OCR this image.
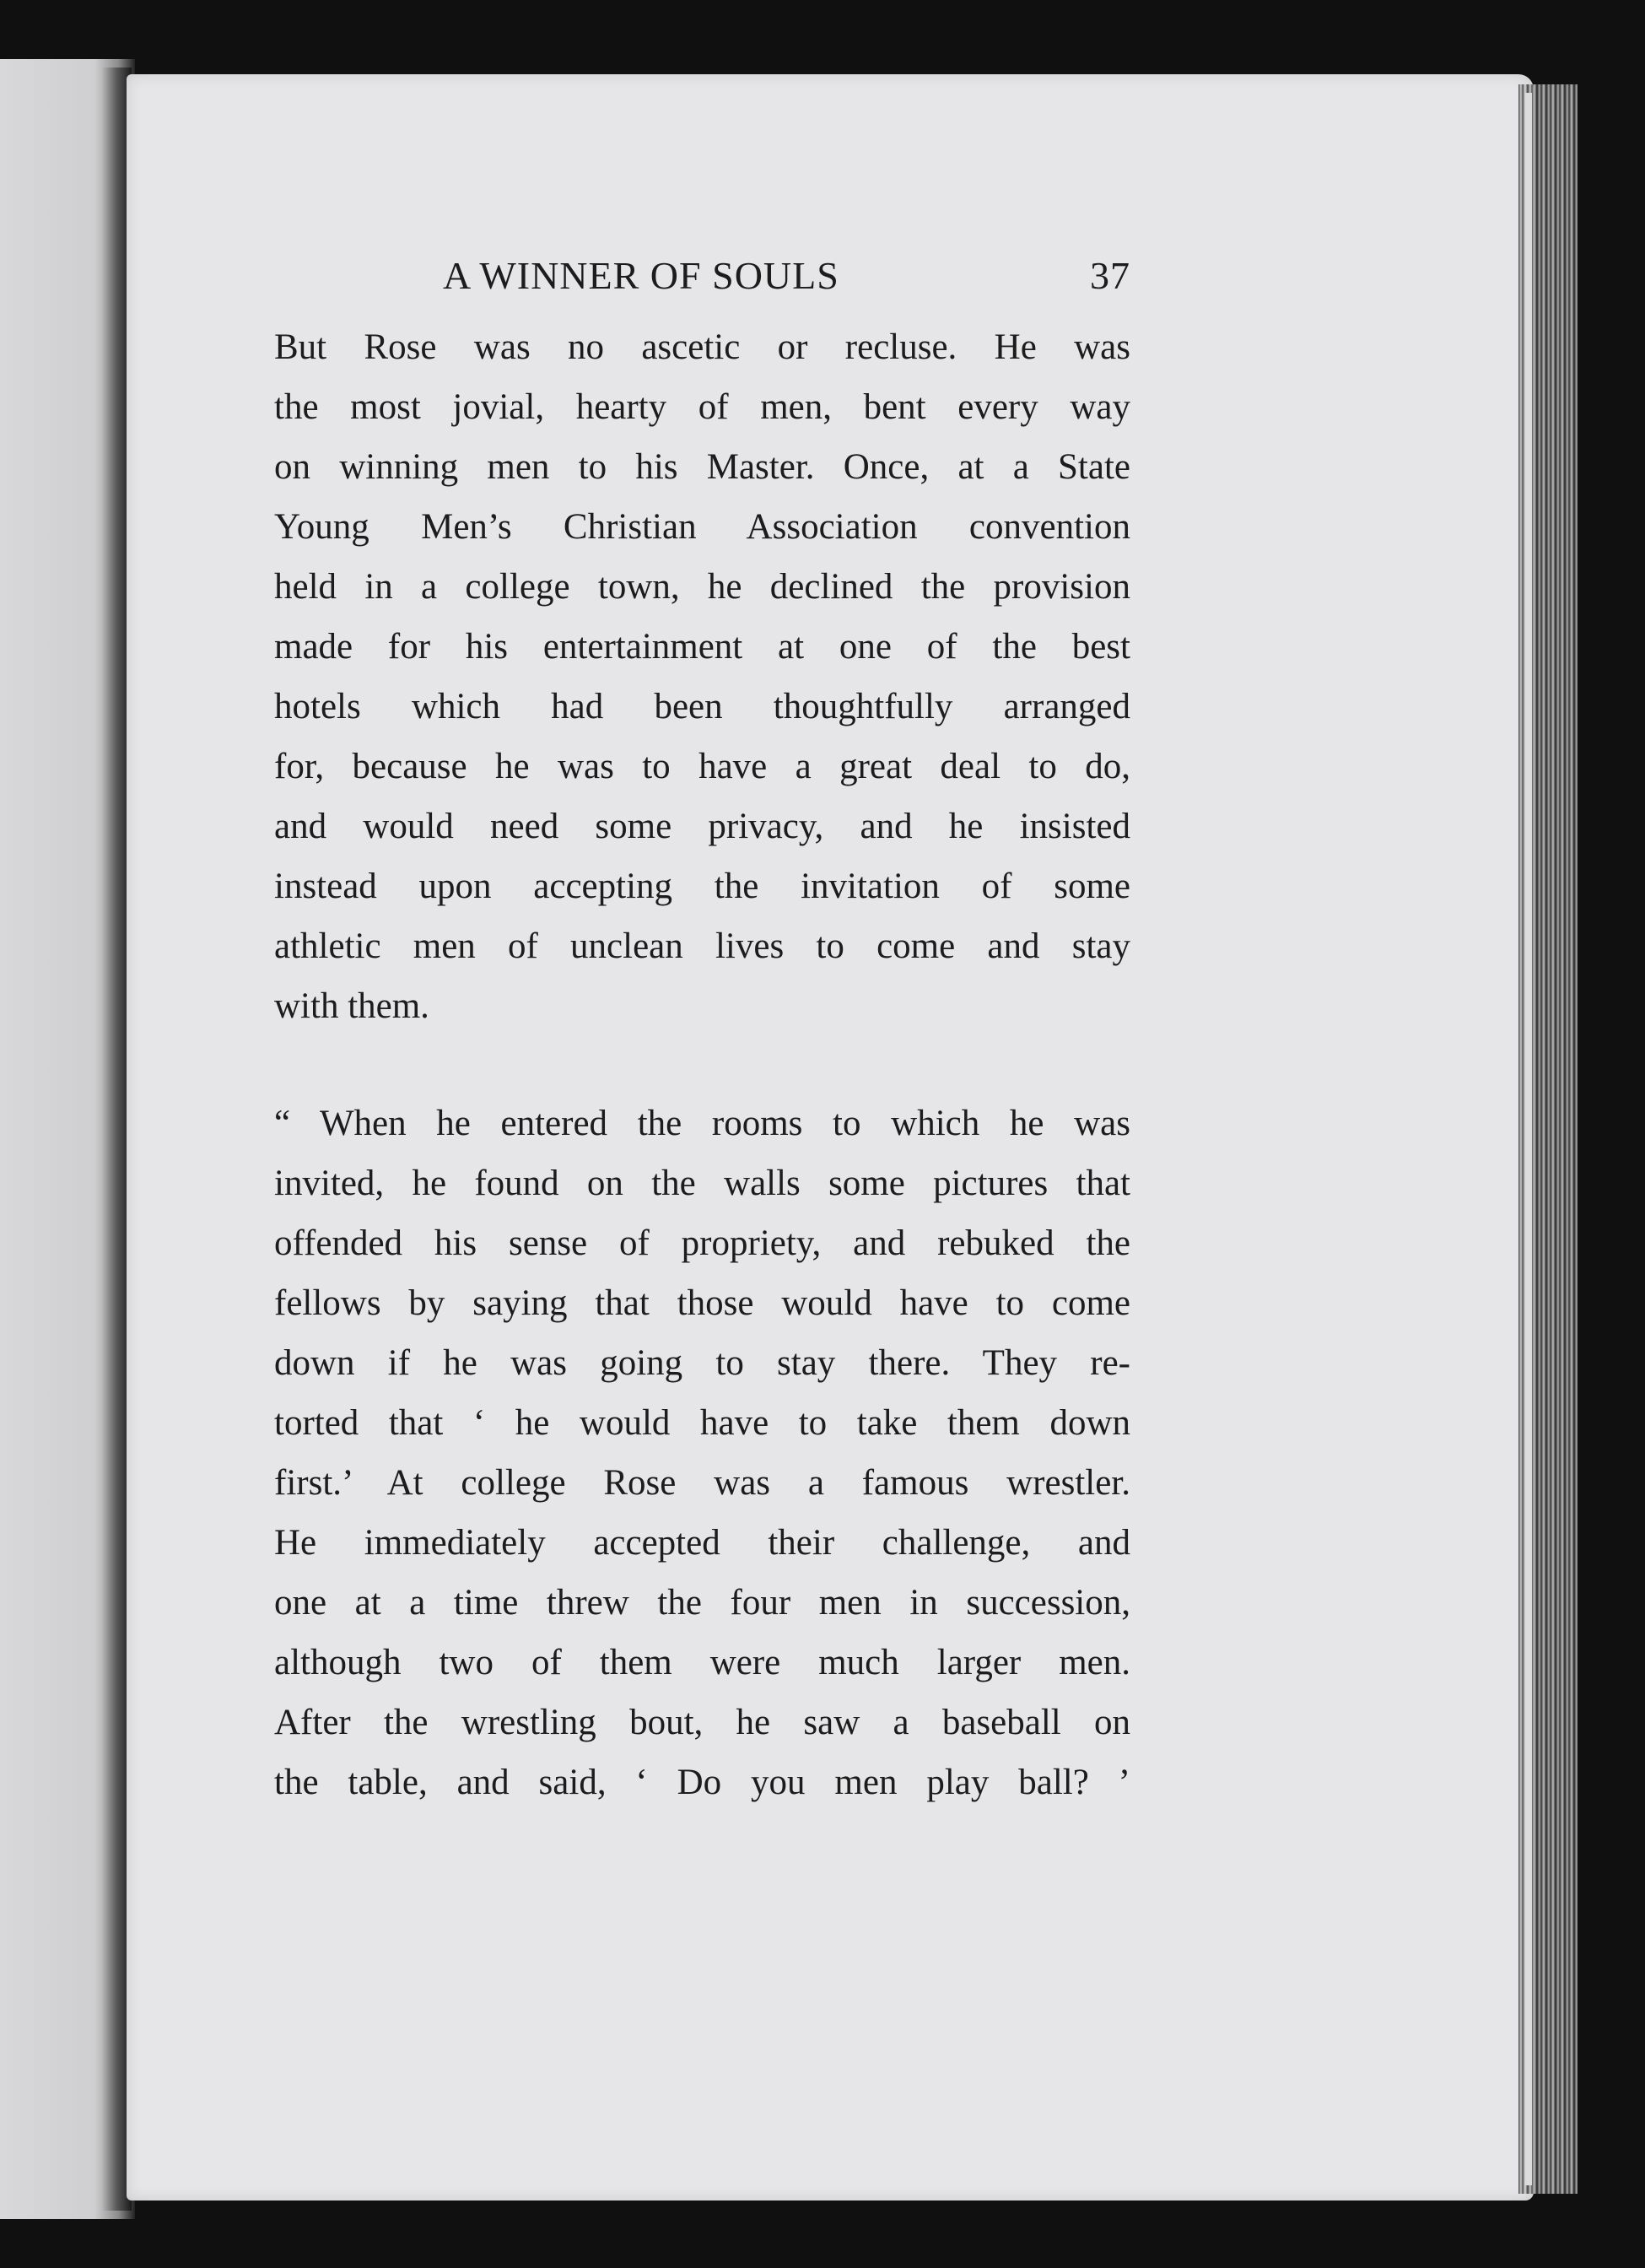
A WINNER OF SOULS	37

But Rose was no ascetic or recluse. He was
the most jovial, hearty of men, bent every way
on winning men to his Master. Once, at a State
Young Men’s Christian Association convention
held in a college town, he declined the provision
made for his entertainment at one of the best
hotels which had been thoughtfully arranged
for, because he was to have a great deal to do,
and would need some privacy, and he insisted
instead upon accepting the invitation of some
athletic men of unclean lives to come and stay
with them.

“ When he entered the rooms to which he was
invited, he found on the walls some pictures that
offended his sense of propriety, and rebuked the
fellows by saying that those would have to come
down if he was going to stay there. They re-
torted that ‘ he would have to take them down
first.’ At college Rose was a famous wrestler.
He immediately accepted their challenge, and
one at a time threw the four men in succession,
although two of them were much larger men.
After the wrestling bout, he saw a baseball on
the table, and said, ‘ Do you men play ball? ’
